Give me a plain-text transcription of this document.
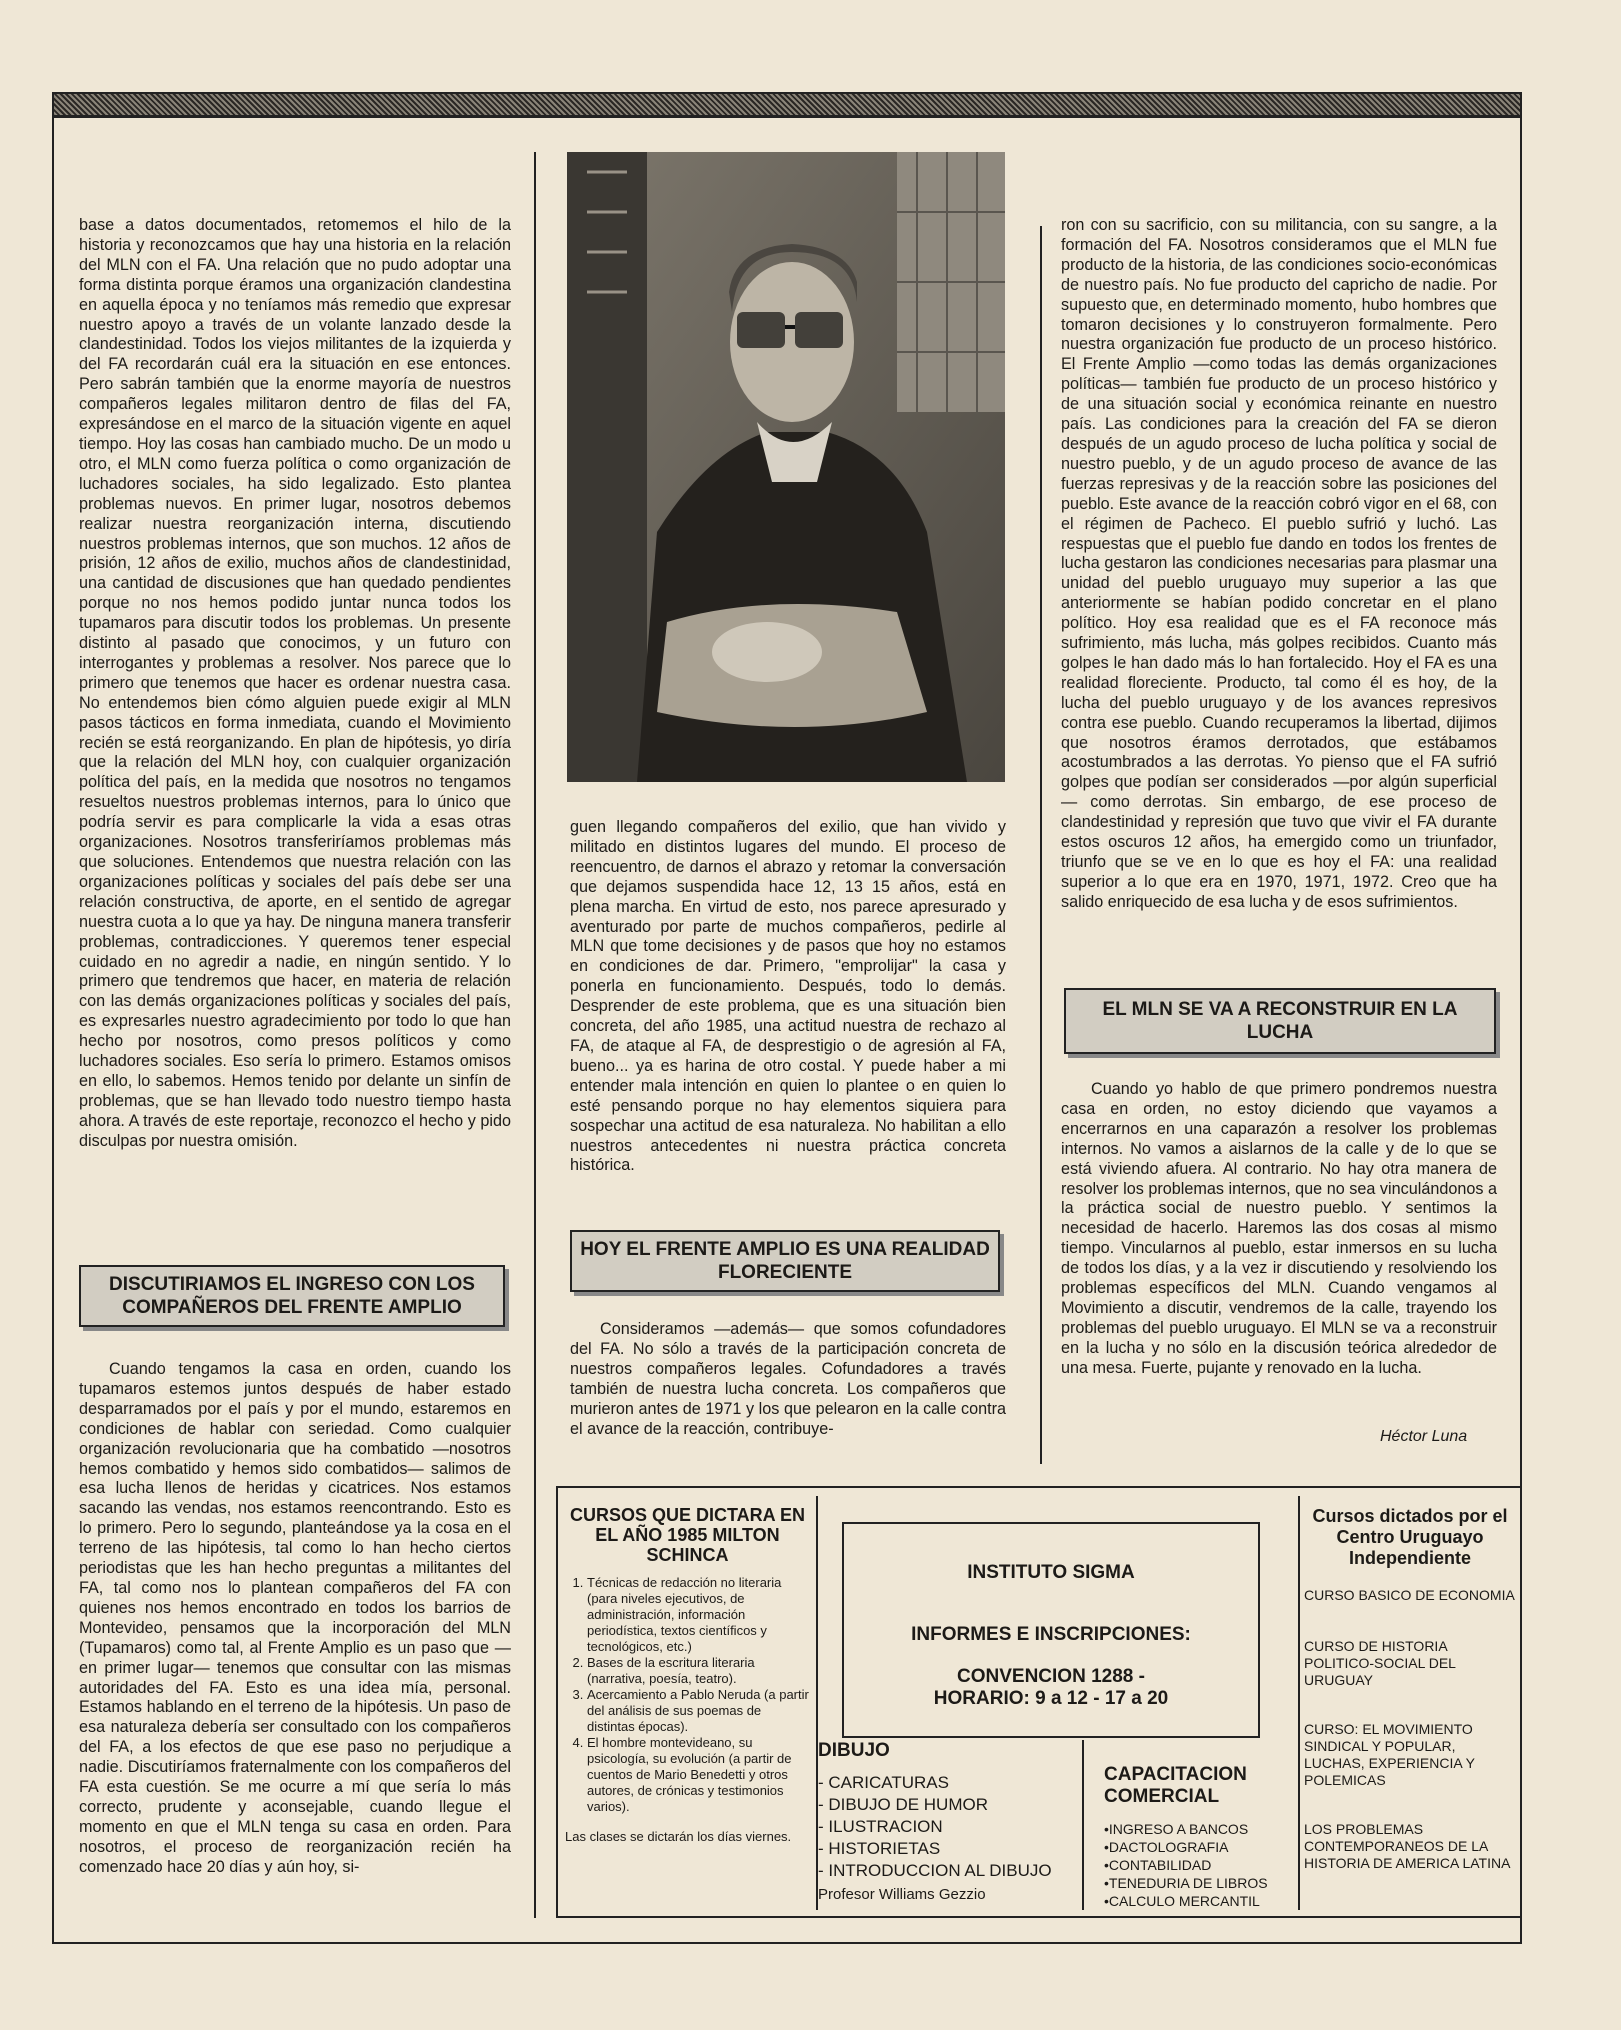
base a datos documentados, retomemos el hilo de la historia y reconozcamos que hay una historia en la relación del MLN con el FA. Una relación que no pudo adoptar una forma distinta porque éramos una organización clandestina en aquella época y no teníamos más remedio que expresar nuestro apoyo a través de un volante lanzado desde la clandestinidad. Todos los viejos militantes de la izquierda y del FA recordarán cuál era la situación en ese entonces. Pero sabrán también que la enorme mayoría de nuestros compañeros legales militaron dentro de filas del FA, expresándose en el marco de la situación vigente en aquel tiempo. Hoy las cosas han cambiado mucho. De un modo u otro, el MLN como fuerza política o como organización de luchadores sociales, ha sido legalizado. Esto plantea problemas nuevos. En primer lugar, nosotros debemos realizar nuestra reorganización interna, discutiendo nuestros problemas internos, que son muchos. 12 años de prisión, 12 años de exilio, muchos años de clandestinidad, una cantidad de discusiones que han quedado pendientes porque no nos hemos podido juntar nunca todos los tupamaros para discutir todos los problemas. Un presente distinto al pasado que conocimos, y un futuro con interrogantes y problemas a resolver. Nos parece que lo primero que tenemos que hacer es ordenar nuestra casa. No entendemos bien cómo alguien puede exigir al MLN pasos tácticos en forma inmediata, cuando el Movimiento recién se está reorganizando. En plan de hipótesis, yo diría que la relación del MLN hoy, con cualquier organización política del país, en la medida que nosotros no tengamos resueltos nuestros problemas internos, para lo único que podría servir es para complicarle la vida a esas otras organizaciones. Nosotros transferiríamos problemas más que soluciones. Entendemos que nuestra relación con las organizaciones políticas y sociales del país debe ser una relación constructiva, de aporte, en el sentido de agregar nuestra cuota a lo que ya hay. De ninguna manera transferir problemas, contradicciones. Y queremos tener especial cuidado en no agredir a nadie, en ningún sentido. Y lo primero que tendremos que hacer, en materia de relación con las demás organizaciones políticas y sociales del país, es expresarles nuestro agradecimiento por todo lo que han hecho por nosotros, como presos políticos y como luchadores sociales. Eso sería lo primero. Estamos omisos en ello, lo sabemos. Hemos tenido por delante un sinfín de problemas, que se han llevado todo nuestro tiempo hasta ahora. A través de este reportaje, reconozco el hecho y pido disculpas por nuestra omisión.

DISCUTIRIAMOS EL INGRESO CON LOS COMPAÑEROS DEL FRENTE AMPLIO

Cuando tengamos la casa en orden, cuando los tupamaros estemos juntos después de haber estado desparramados por el país y por el mundo, estaremos en condiciones de hablar con seriedad. Como cualquier organización revolucionaria que ha combatido —nosotros hemos combatido y hemos sido combatidos— salimos de esa lucha llenos de heridas y cicatrices. Nos estamos sacando las vendas, nos estamos reencontrando. Esto es lo primero. Pero lo segundo, planteándose ya la cosa en el terreno de las hipótesis, tal como lo han hecho ciertos periodistas que les han hecho preguntas a militantes del FA, tal como nos lo plantean compañeros del FA con quienes nos hemos encontrado en todos los barrios de Montevideo, pensamos que la incorporación del MLN (Tupamaros) como tal, al Frente Amplio es un paso que —en primer lugar— tenemos que consultar con las mismas autoridades del FA. Esto es una idea mía, personal. Estamos hablando en el terreno de la hipótesis. Un paso de esa naturaleza debería ser consultado con los compañeros del FA, a los efectos de que ese paso no perjudique a nadie. Discutiríamos fraternalmente con los compañeros del FA esta cuestión. Se me ocurre a mí que sería lo más correcto, prudente y aconsejable, cuando llegue el momento en que el MLN tenga su casa en orden. Para nosotros, el proceso de reorganización recién ha comenzado hace 20 días y aún hoy, si-

guen llegando compañeros del exilio, que han vivido y militado en distintos lugares del mundo. El proceso de reencuentro, de darnos el abrazo y retomar la conversación que dejamos suspendida hace 12, 13 15 años, está en plena marcha. En virtud de esto, nos parece apresurado y aventurado por parte de muchos compañeros, pedirle al MLN que tome decisiones y de pasos que hoy no estamos en condiciones de dar. Primero, "emprolijar" la casa y ponerla en funcionamiento. Después, todo lo demás. Desprender de este problema, que es una situación bien concreta, del año 1985, una actitud nuestra de rechazo al FA, de ataque al FA, de desprestigio o de agresión al FA, bueno... ya es harina de otro costal. Y puede haber a mi entender mala intención en quien lo plantee o en quien lo esté pensando porque no hay elementos siquiera para sospechar una actitud de esa naturaleza. No habilitan a ello nuestros antecedentes ni nuestra práctica concreta histórica.

HOY EL FRENTE AMPLIO ES UNA REALIDAD FLORECIENTE

Consideramos —además— que somos cofundadores del FA. No sólo a través de la participación concreta de nuestros compañeros legales. Cofundadores a través también de nuestra lucha concreta. Los compañeros que murieron antes de 1971 y los que pelearon en la calle contra el avance de la reacción, contribuye-

ron con su sacrificio, con su militancia, con su sangre, a la formación del FA. Nosotros consideramos que el MLN fue producto de la historia, de las condiciones socio-económicas de nuestro país. No fue producto del capricho de nadie. Por supuesto que, en determinado momento, hubo hombres que tomaron decisiones y lo construyeron formalmente. Pero nuestra organización fue producto de un proceso histórico. El Frente Amplio —como todas las demás organizaciones políticas— también fue producto de un proceso histórico y de una situación social y económica reinante en nuestro país. Las condiciones para la creación del FA se dieron después de un agudo proceso de lucha política y social de nuestro pueblo, y de un agudo proceso de avance de las fuerzas represivas y de la reacción sobre las posiciones del pueblo. Este avance de la reacción cobró vigor en el 68, con el régimen de Pacheco. El pueblo sufrió y luchó. Las respuestas que el pueblo fue dando en todos los frentes de lucha gestaron las condiciones necesarias para plasmar una unidad del pueblo uruguayo muy superior a las que anteriormente se habían podido concretar en el plano político. Hoy esa realidad que es el FA reconoce más sufrimiento, más lucha, más golpes recibidos. Cuanto más golpes le han dado más lo han fortalecido. Hoy el FA es una realidad floreciente. Producto, tal como él es hoy, de la lucha del pueblo uruguayo y de los avances represivos contra ese pueblo. Cuando recuperamos la libertad, dijimos que nosotros éramos derrotados, que estábamos acostumbrados a las derrotas. Yo pienso que el FA sufrió golpes que podían ser considerados —por algún superficial— como derrotas. Sin embargo, de ese proceso de clandestinidad y represión que tuvo que vivir el FA durante estos oscuros 12 años, ha emergido como un triunfador, triunfo que se ve en lo que es hoy el FA: una realidad superior a lo que era en 1970, 1971, 1972. Creo que ha salido enriquecido de esa lucha y de esos sufrimientos.

EL MLN SE VA A RECONSTRUIR EN LA LUCHA

Cuando yo hablo de que primero pondremos nuestra casa en orden, no estoy diciendo que vayamos a encerrarnos en una caparazón a resolver los problemas internos. No vamos a aislarnos de la calle y de lo que se está viviendo afuera. Al contrario. No hay otra manera de resolver los problemas internos, que no sea vinculándonos a la práctica social de nuestro pueblo. Y sentimos la necesidad de hacerlo. Haremos las dos cosas al mismo tiempo. Vincularnos al pueblo, estar inmersos en su lucha de todos los días, y a la vez ir discutiendo y resolviendo los problemas específicos del MLN. Cuando vengamos al Movimiento a discutir, vendremos de la calle, trayendo los problemas del pueblo uruguayo. El MLN se va a reconstruir en la lucha y no sólo en la discusión teórica alrededor de una mesa. Fuerte, pujante y renovado en la lucha.

Héctor Luna
CURSOS QUE DICTARA EN EL AÑO 1985 MILTON SCHINCA
1. Técnicas de redacción no literaria (para niveles ejecutivos, de administración, información periodística, textos científicos y tecnológicos, etc.)
2. Bases de la escritura literaria (narrativa, poesía, teatro).
3. Acercamiento a Pablo Neruda (a partir del análisis de sus poemas de distintas épocas).
4. El hombre montevideano, su psicología, su evolución (a partir de cuentos de Mario Benedetti y otros autores, de crónicas y testimonios varios).
Las clases se dictarán los días viernes.
INSTITUTO SIGMA
INFORMES E INSCRIPCIONES:
CONVENCION 1288 -
HORARIO: 9 a 12 - 17 a 20
DIBUJO
- CARICATURAS
- DIBUJO DE HUMOR
- ILUSTRACION
- HISTORIETAS
- INTRODUCCION AL DIBUJO
Profesor Williams Gezzio
CAPACITACION COMERCIAL
•INGRESO A BANCOS
•DACTOLOGRAFIA
•CONTABILIDAD
•TENEDURIA DE LIBROS
•CALCULO MERCANTIL
Cursos dictados por el Centro Uruguayo Independiente
CURSO BASICO DE ECONOMIA
CURSO DE HISTORIA POLITICO-SOCIAL DEL URUGUAY
CURSO: EL MOVIMIENTO SINDICAL Y POPULAR, LUCHAS, EXPERIENCIA Y POLEMICAS
LOS PROBLEMAS CONTEMPORANEOS DE LA HISTORIA DE AMERICA LATINA
